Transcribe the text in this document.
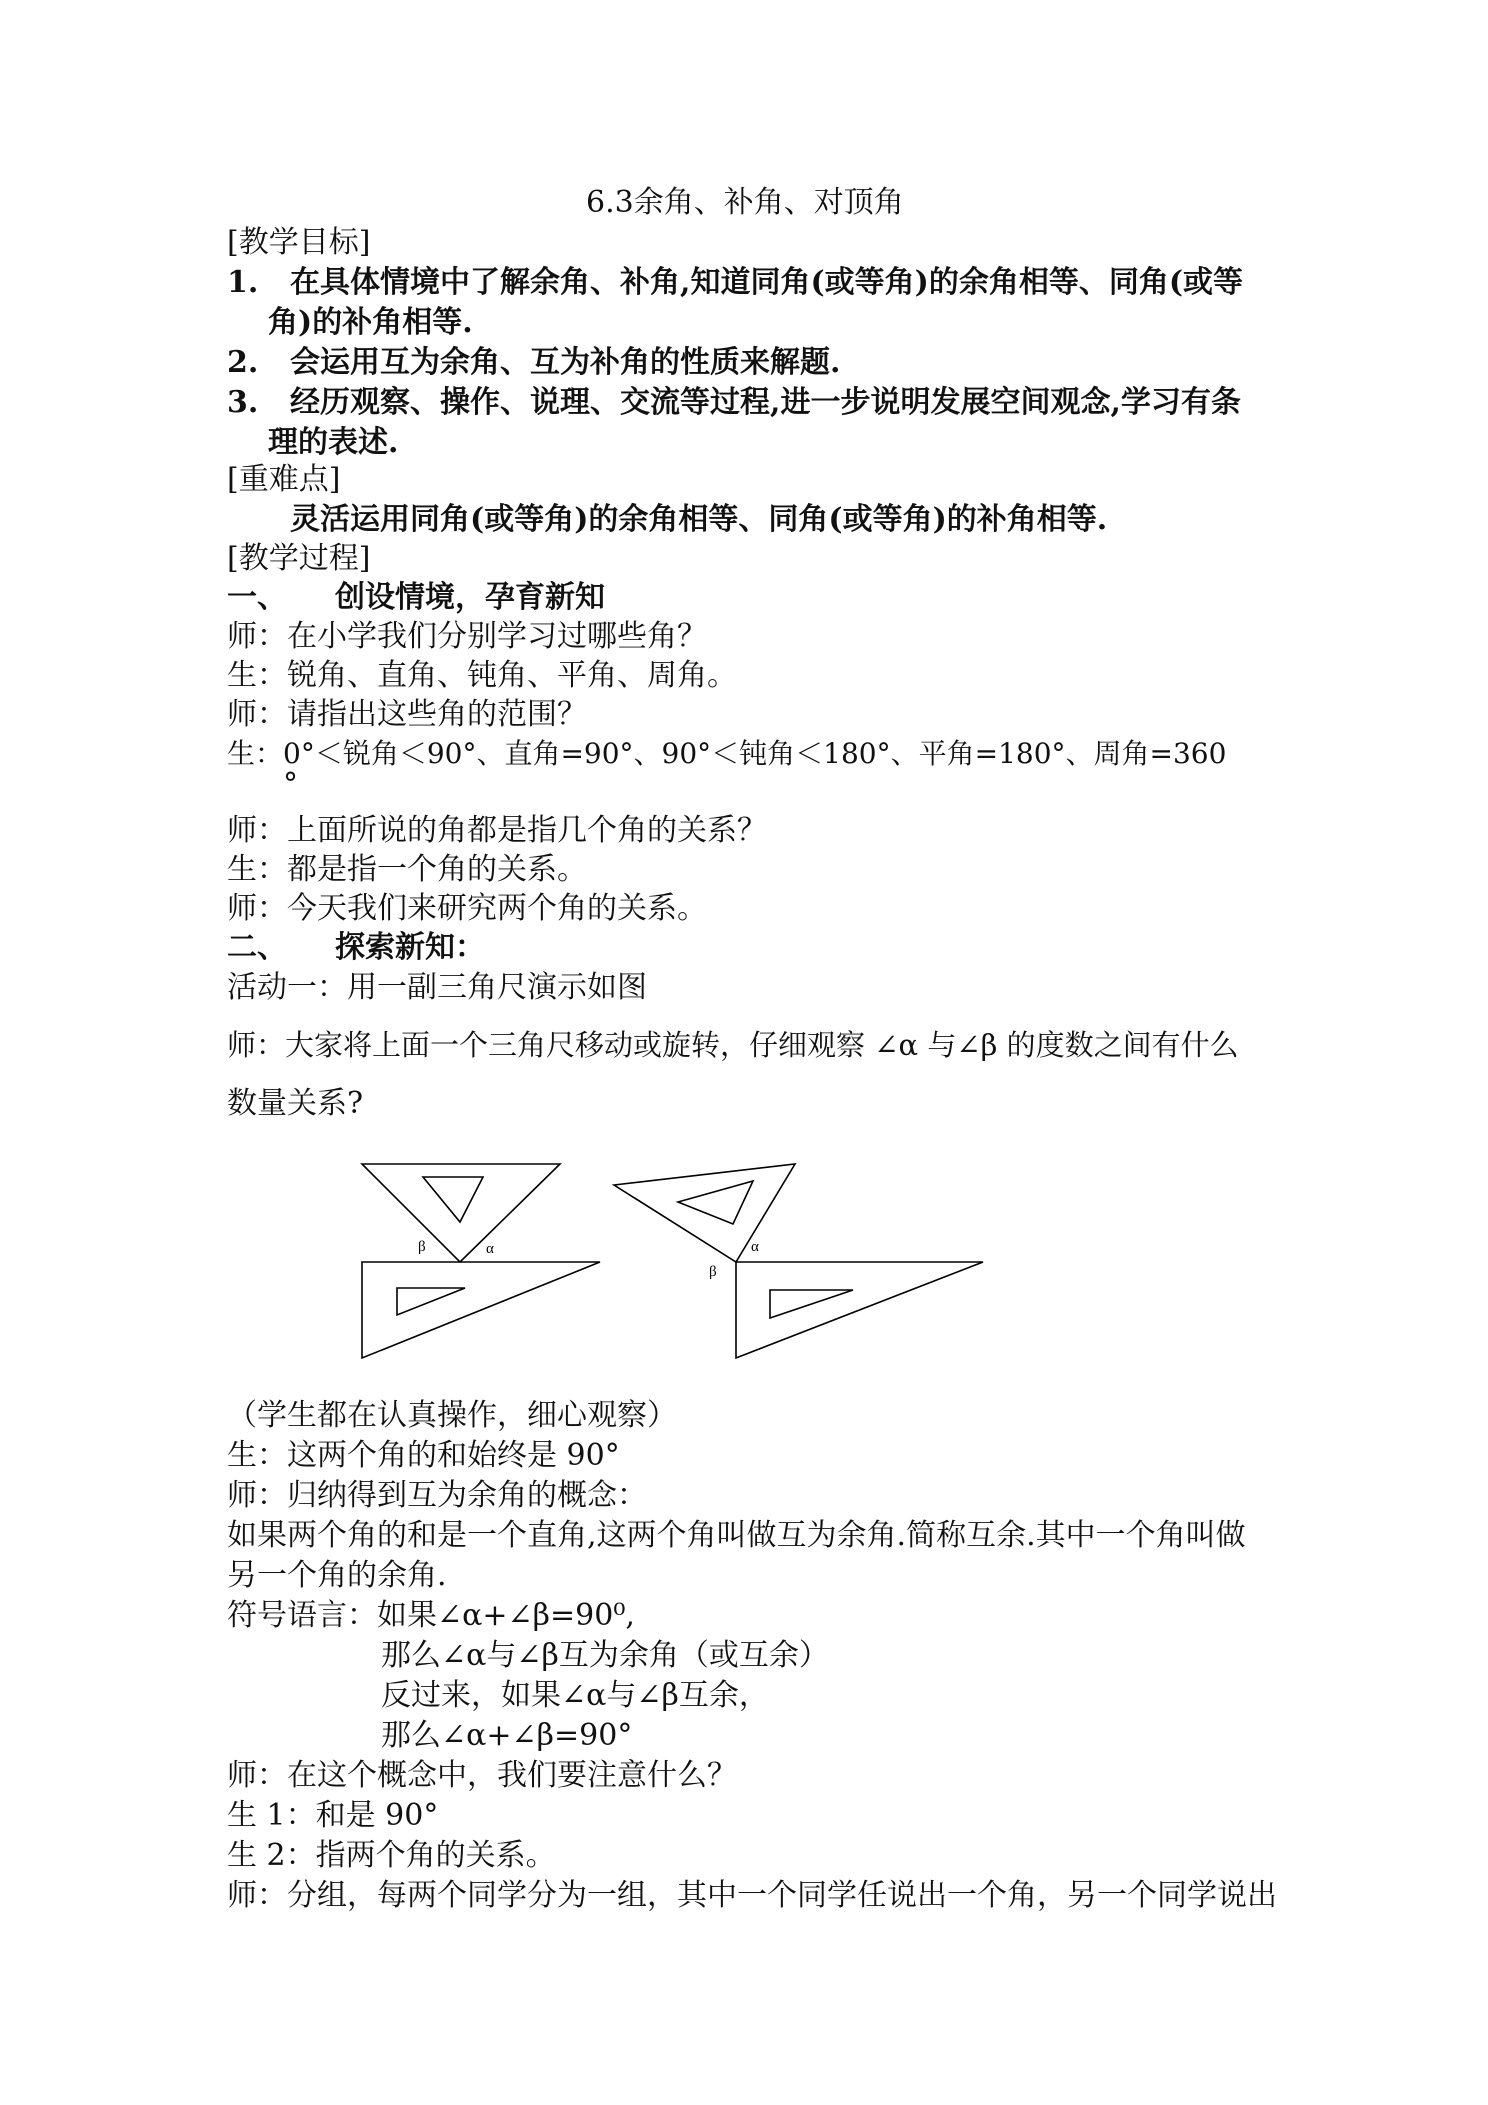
6.3余角、补角、对顶角
[教学目标]
1. 在具体情境中了解余角、补角,知道同角(或等角)的余角相等、同角(或等
角)的补角相等.
2. 会运用互为余角、互为补角的性质来解题.
3. 经历观察、操作、说理、交流等过程,进一步说明发展空间观念,学习有条
理的表述.
[重难点]
灵活运用同角(或等角)的余角相等、同角(或等角)的补角相等.
[教学过程]
一、 创设情境，孕育新知
师：在小学我们分别学习过哪些角？
生：锐角、直角、钝角、平角、周角。
师：请指出这些角的范围？
生：0°＜锐角＜90°、直角=90°、90°＜钝角＜180°、平角=180°、周角=360
°
师：上面所说的角都是指几个角的关系？
生：都是指一个角的关系。
师：今天我们来研究两个角的关系。
二、 探索新知：
活动一：用一副三角尺演示如图
师：大家将上面一个三角尺移动或旋转，仔细观察 ∠α 与∠β 的度数之间有什么
数量关系?
β	α
β
α
（学生都在认真操作，细心观察）
生：这两个角的和始终是 90°
师：归纳得到互为余角的概念：
如果两个角的和是一个直角,这两个角叫做互为余角.简称互余.其中一个角叫做
另一个角的余角.
符号语言：如果∠α+∠β=90⁰,
那么∠α与∠β互为余角（或互余）
反过来，如果∠α与∠β互余，
那么∠α+∠β=90°
师：在这个概念中，我们要注意什么？
生 1：和是 90°
生 2：指两个角的关系。
师：分组，每两个同学分为一组，其中一个同学任说出一个角，另一个同学说出
